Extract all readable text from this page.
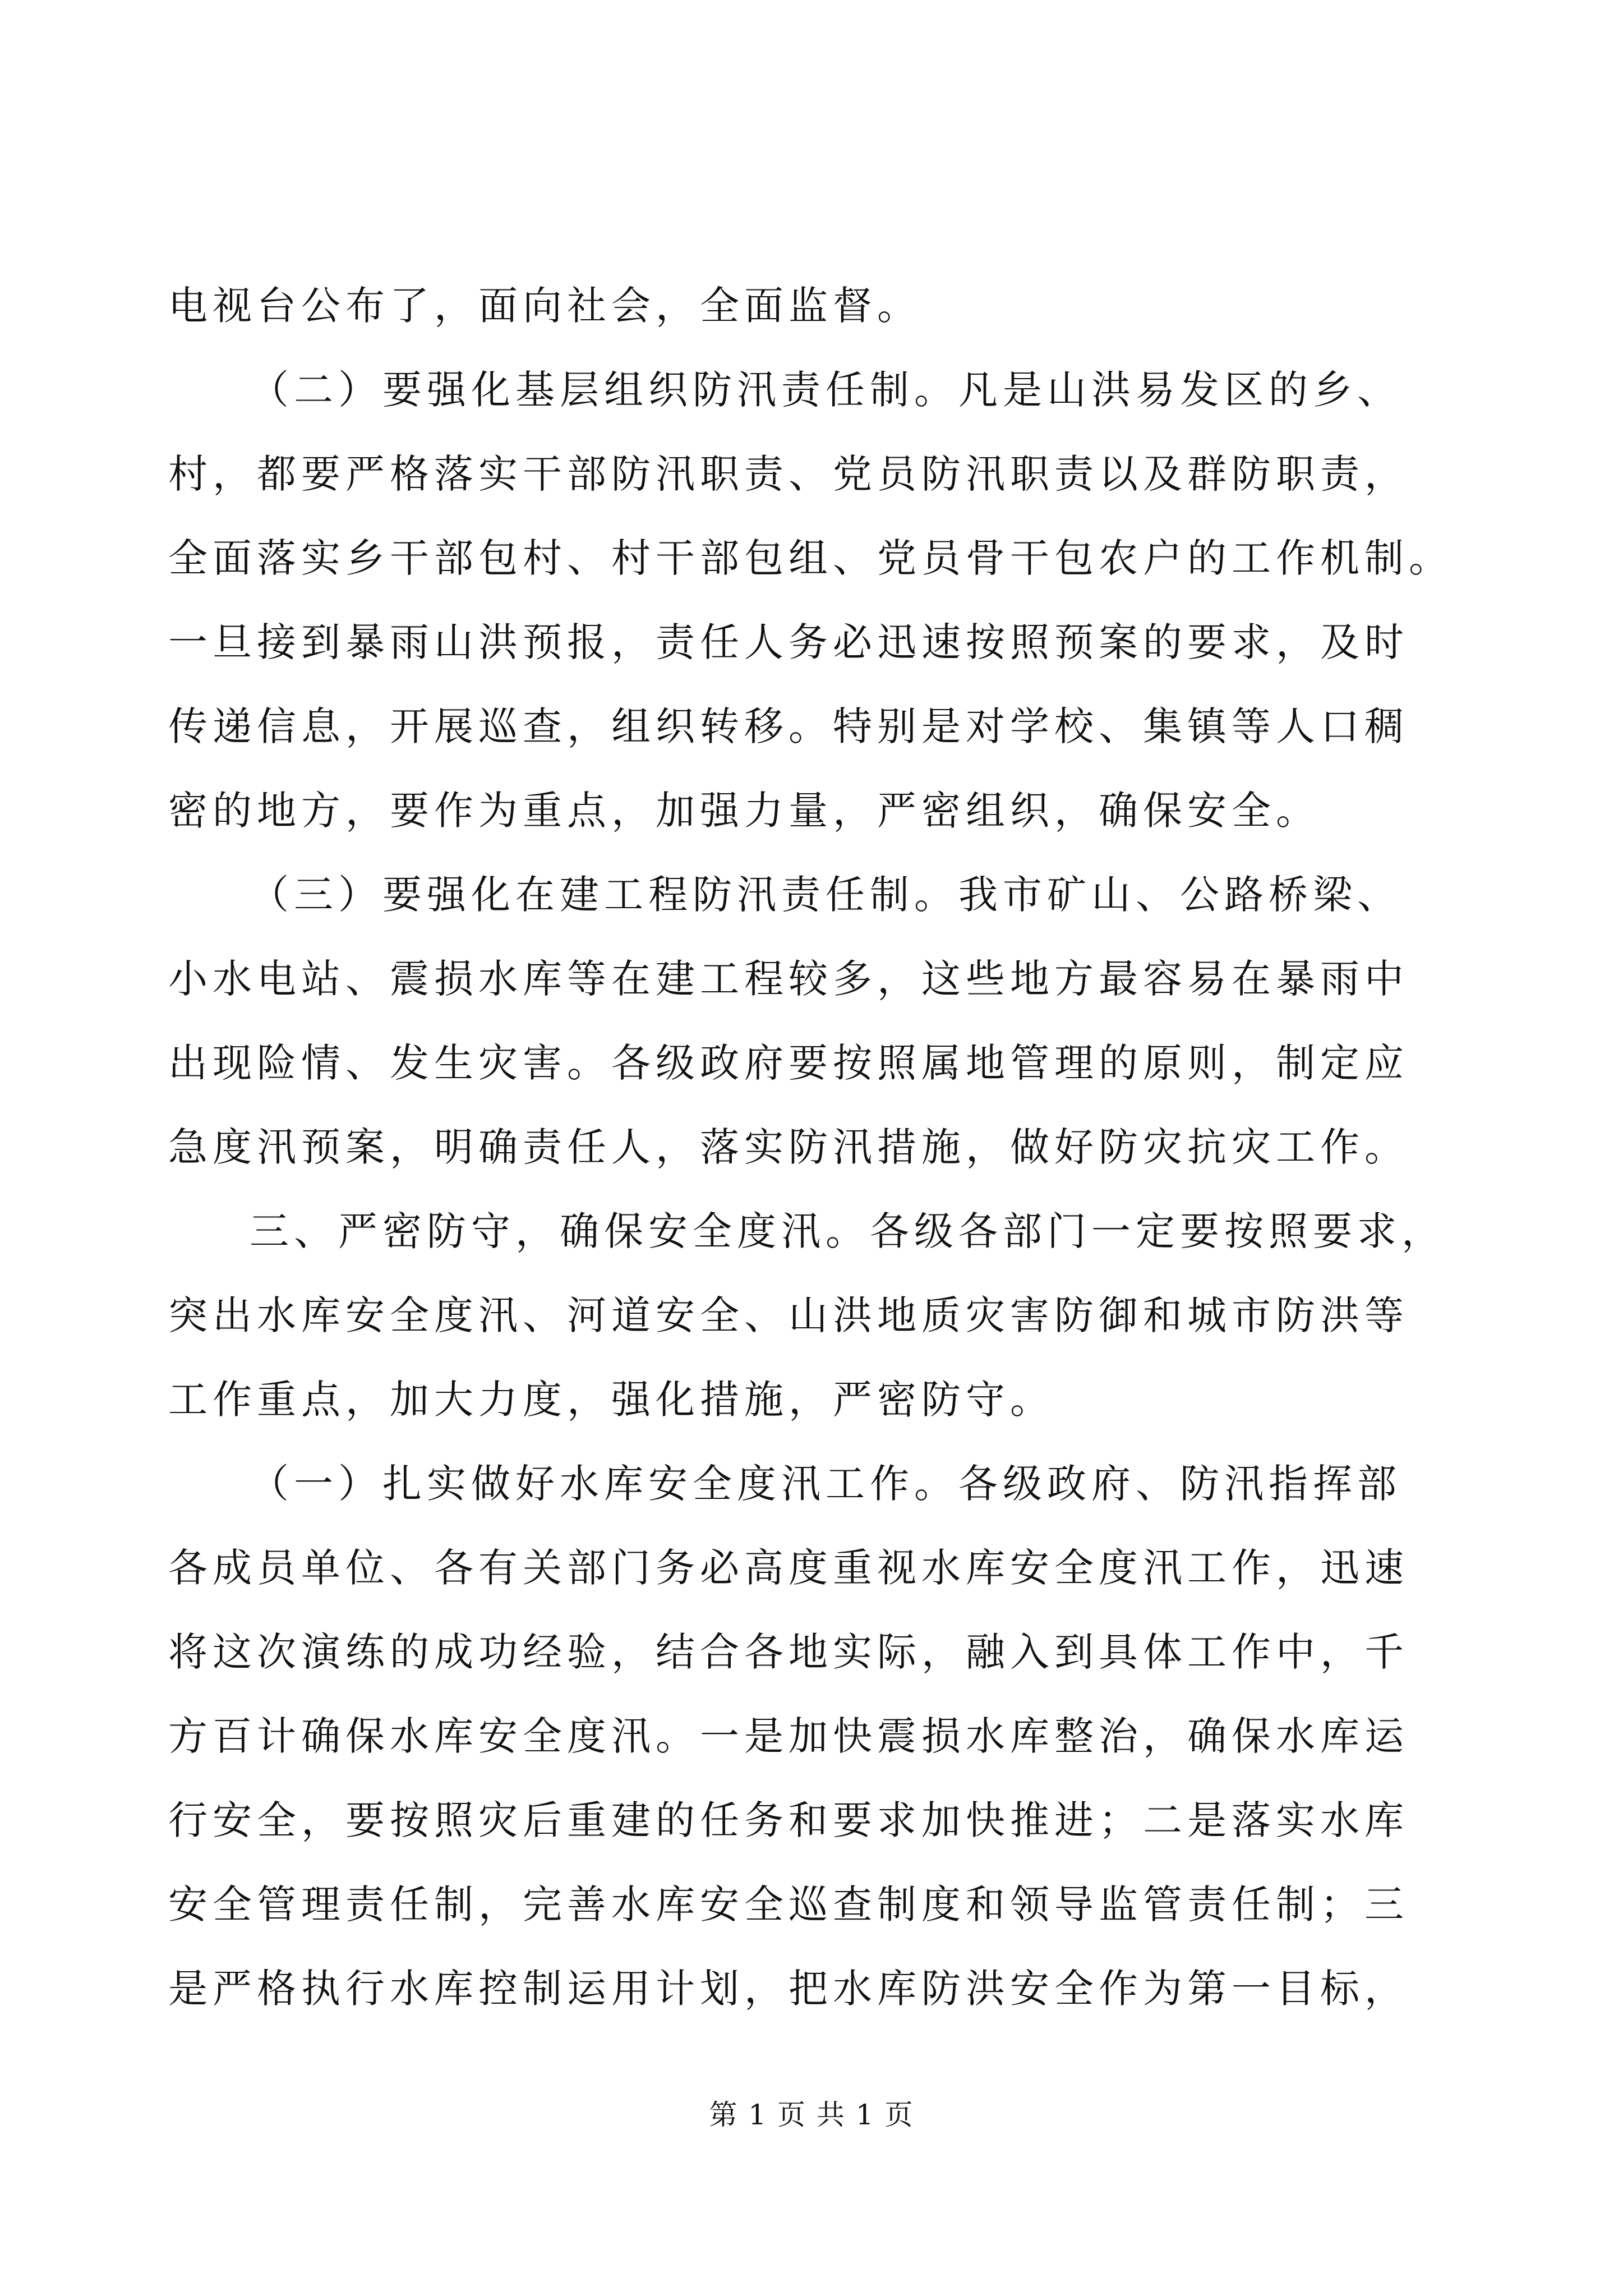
电视台公布了，面向社会，全面监督。
（二）要强化基层组织防汛责任制。凡是山洪易发区的乡、
村，都要严格落实干部防汛职责、党员防汛职责以及群防职责，
全面落实乡干部包村、村干部包组、党员骨干包农户的工作机制。
一旦接到暴雨山洪预报，责任人务必迅速按照预案的要求，及时
传递信息，开展巡查，组织转移。特别是对学校、集镇等人口稠
密的地方，要作为重点，加强力量，严密组织，确保安全。
（三）要强化在建工程防汛责任制。我市矿山、公路桥梁、
小水电站、震损水库等在建工程较多，这些地方最容易在暴雨中
出现险情、发生灾害。各级政府要按照属地管理的原则，制定应
急度汛预案，明确责任人，落实防汛措施，做好防灾抗灾工作。
三、严密防守，确保安全度汛。各级各部门一定要按照要求，
突出水库安全度汛、河道安全、山洪地质灾害防御和城市防洪等
工作重点，加大力度，强化措施，严密防守。
（一）扎实做好水库安全度汛工作。各级政府、防汛指挥部
各成员单位、各有关部门务必高度重视水库安全度汛工作，迅速
将这次演练的成功经验，结合各地实际，融入到具体工作中，千
方百计确保水库安全度汛。一是加快震损水库整治，确保水库运
行安全，要按照灾后重建的任务和要求加快推进；二是落实水库
安全管理责任制，完善水库安全巡查制度和领导监管责任制；三
是严格执行水库控制运用计划，把水库防洪安全作为第一目标，
第 1 页 共 1 页
